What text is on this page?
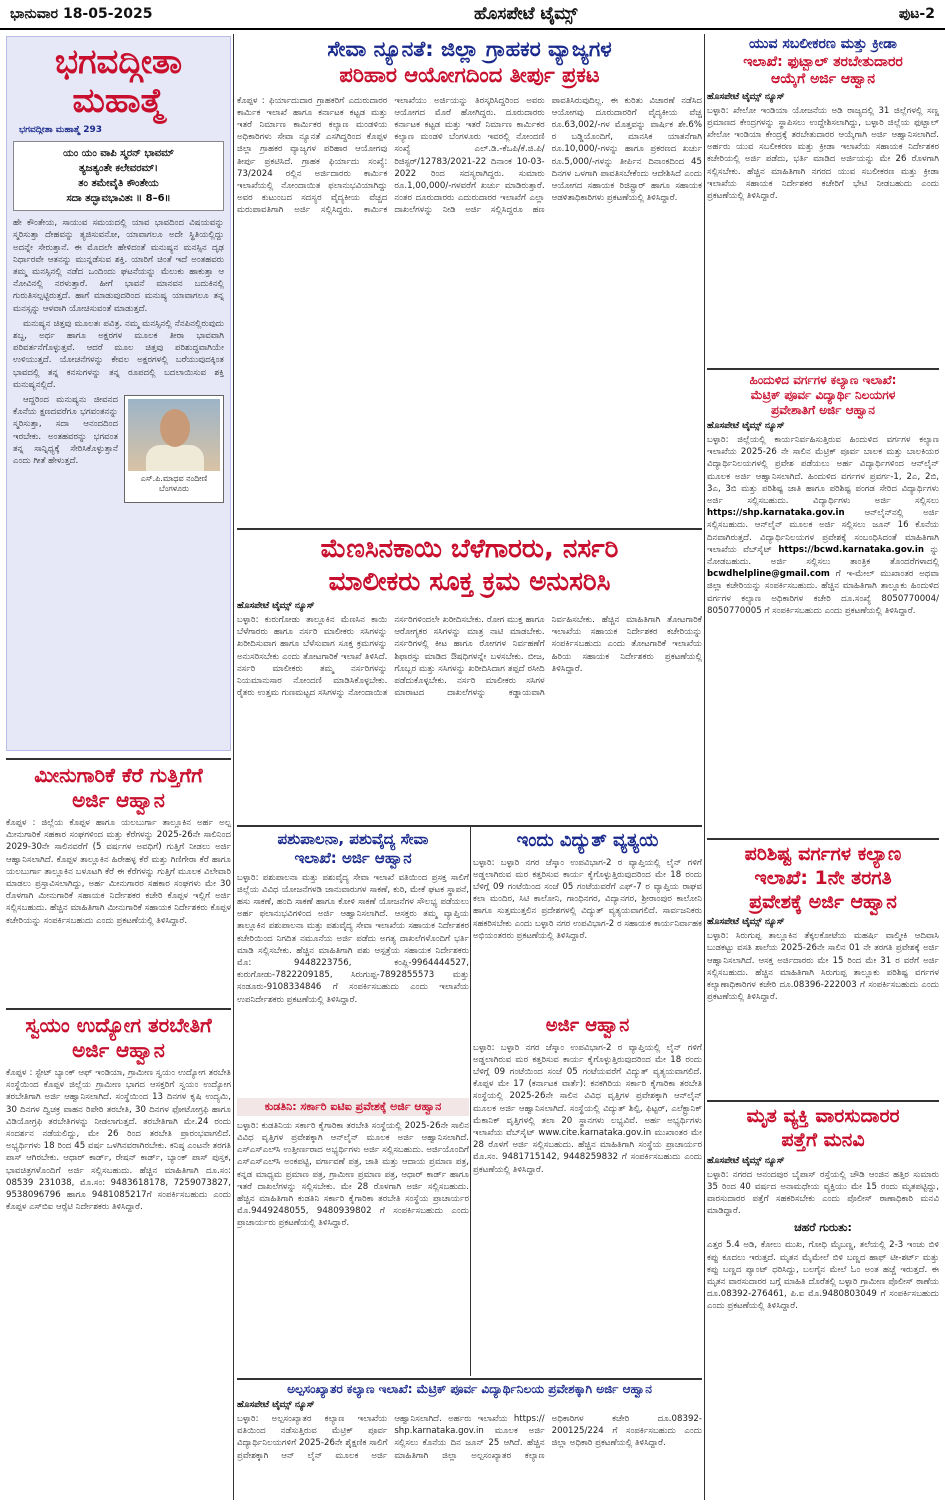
ಭಾನುವಾರ 18-05-2025	ಹೊಸಪೇಟೆ ಟೈಮ್ಸ್	ಪುಟ-2
ಭಗವದ್ಗೀತಾ
ಮಹಾತ್ಮೆ
ಭಗವದ್ಗೀತಾ ಮಹಾತ್ಮೆ 293
ಯಂ ಯಂ ವಾಪಿ ಸ್ಮರನ್ ಭಾವಮ್
ತ್ಯಜತ್ಯಂತೇ ಕಲೇವರಮ್।
ತಂ ತಮೇವೈತಿ ಕೌಂತೇಯ
ಸದಾ ತದ್ಭಾವಭಾವಿತಃ ॥ 8–6॥

ಹೇ ಕೌಂತೇಯ, ಸಾಯುವ ಸಮಯದಲ್ಲಿ ಯಾವ ಭಾವದಿಂದ ವಿಷಯವನ್ನು ಸ್ಮರಿಸುತ್ತಾ ದೇಹವನ್ನು ತ್ಯಜಿಸುವನೋ, ಯಾವಾಗಲೂ ಅದೇ ಸ್ಥಿತಿಯಲ್ಲಿದ್ದು ಅದನ್ನೇ ಸೇರುತ್ತಾನೆ. ಈ ಮೊದಲೇ ಹೇಳಿದಂತೆ ಮನುಷ್ಯನ ಮನಸ್ಸಿನ ದೃಢ ನಿರ್ಧಾರವೇ ಆತನನ್ನು ಮುನ್ನಡೆಸುವ ಶಕ್ತಿ. ಯಾರಿಗೆ ಚಿಂತೆ ಇದೆ ಅಂತಹವರು ತಮ್ಮ ಮನಸ್ಸಿನಲ್ಲಿ ನಡೆದ ಒಂದಿಂದು ಘಟನೆಯನ್ನು ಮೆಲುಕು ಹಾಕುತ್ತಾ ಆ ನೋವಿನಲ್ಲಿ ನರಳುತ್ತಾರೆ. ಹೀಗೆ ಭಾವನೆ ಮಾನವನ ಬದುಕಿನಲ್ಲಿ ಗುರುತಿಸಲ್ಪಟ್ಟಿರುತ್ತದೆ. ಹಾಗೆ ಮಾಡುವುದರಿಂದ ಮನುಷ್ಯ ಯಾವಾಗಲೂ ತನ್ನ ಮನಸ್ಸನ್ನು ಆಳವಾಗಿ ಯೋಚಿಸುವಂತೆ ಮಾಡುತ್ತದೆ.

ಮನುಷ್ಯನ ಚಿತ್ತವು ಮೂಲತಃ ಪವಿತ್ರ. ನಮ್ಮ ಮನಸ್ಸಿನಲ್ಲಿ ನೆನಪಿನಲ್ಲಿರುವುದು ಶಬ್ದ, ಅರ್ಥ ಹಾಗೂ ಅಕ್ಷರಗಳ ಮೂಲಕ ತೀರಾ ಭಾವವಾಗಿ ಪರಿವರ್ತನೆಗೊಳ್ಳುತ್ತವೆ. ಆದರೆ ಮೂಲ ಚಿತ್ತವು ಪರಿಶುದ್ಧವಾಗಿಯೇ ಉಳಿಯುತ್ತದೆ. ಯೋಚನೆಗಳನ್ನು ಕೇವಲ ಅಕ್ಷರಗಳಲ್ಲಿ ಬರೆಯುವುದಕ್ಕಿಂತ ಭಾವದಲ್ಲಿ ತನ್ನ ಕನಸುಗಳನ್ನು ತನ್ನ ರೂಪದಲ್ಲಿ ಬದಲಾಯಿಸುವ ಶಕ್ತಿ ಮನುಷ್ಯನಲ್ಲಿದೆ.

ಎಸ್.ಪಿ.ಮಾಧವ ನಂದೀಣಿ
ಬೆಂಗಳೂರು

ಆದ್ದರಿಂದ ಮನುಷ್ಯನು ಜೀವನದ ಕೊನೆಯ ಕ್ಷಣದವರೆಗೂ ಭಗವಂತನನ್ನು ಸ್ಮರಿಸುತ್ತಾ, ಸದಾ ಆನಂದದಿಂದ ಇರಬೇಕು. ಅಂತಹವರನ್ನು ಭಗವಂತ ತನ್ನ ಸಾನ್ನಿಧ್ಯಕ್ಕೆ ಸೇರಿಸಿಕೊಳ್ಳುತ್ತಾನೆ ಎಂದು ಗೀತೆ ಹೇಳುತ್ತದೆ.

ಮೀನುಗಾರಿಕೆ ಕೆರೆ ಗುತ್ತಿಗೆಗೆ
ಅರ್ಜಿ ಆಹ್ವಾನ

ಕೊಪ್ಪಳ : ಜಿಲ್ಲೆಯ ಕೊಪ್ಪಳ ಹಾಗೂ ಯಲಬುರ್ಗಾ ತಾಲ್ಲೂಕಿನ ಅರ್ಹ ಅಲ್ಪ ಮೀನುಗಾರಿಕೆ ಸಹಕಾರ ಸಂಘಗಳಿಂದ ಮತ್ತು ಕೆರೆಗಳನ್ನು 2025-26ನೇ ಸಾಲಿನಿಂದ 2029-30ನೇ ಸಾಲಿನವರೆಗೆ (5 ವರ್ಷಗಳ ಅವಧಿಗೆ) ಗುತ್ತಿಗೆ ನೀಡಲು ಅರ್ಜಿ ಆಹ್ವಾನಿಸಲಾಗಿದೆ. ಕೊಪ್ಪಳ ತಾಲ್ಲೂಕಿನ ಹಿರೇಹಳ್ಳ ಕೆರೆ ಮತ್ತು ಗಿಣಿಗೇರಾ ಕೆರೆ ಹಾಗೂ ಯಲಬುರ್ಗಾ ತಾಲ್ಲೂಕಿನ ಬಳೂಟಗಿ ಕೆರೆ ಈ ಕೆರೆಗಳನ್ನು ಗುತ್ತಿಗೆ ಮೂಲಕ ವಿಲೇವಾರಿ ಮಾಡಲು ಪ್ರಸ್ತಾವಿಸಲಾಗಿದ್ದು, ಅರ್ಹ ಮೀನುಗಾರರ ಸಹಕಾರ ಸಂಘಗಳು ಮೇ 30 ರೊಳಗಾಗಿ ಮೀನುಗಾರಿಕೆ ಸಹಾಯಕ ನಿರ್ದೇಶಕರ ಕಚೇರಿ ಕೊಪ್ಪಳ ಇಲ್ಲಿಗೆ ಅರ್ಜಿ ಸಲ್ಲಿಸಬಹುದು. ಹೆಚ್ಚಿನ ಮಾಹಿತಿಗಾಗಿ ಮೀನುಗಾರಿಕೆ ಸಹಾಯಕ ನಿರ್ದೇಶಕರು ಕೊಪ್ಪಳ ಕಚೇರಿಯನ್ನು ಸಂಪರ್ಕಿಸಬಹುದು ಎಂದು ಪ್ರಕಟಣೆಯಲ್ಲಿ ತಿಳಿಸಿದ್ದಾರೆ.

ಸ್ವಯಂ ಉದ್ಯೋಗ ತರಬೇತಿಗೆ
ಅರ್ಜಿ ಆಹ್ವಾನ

ಕೊಪ್ಪಳ : ಸ್ಟೇಟ್ ಬ್ಯಾಂಕ್ ಆಫ್ ಇಂಡಿಯಾ, ಗ್ರಾಮೀಣ ಸ್ವಯಂ ಉದ್ಯೋಗ ತರಬೇತಿ ಸಂಸ್ಥೆಯಿಂದ ಕೊಪ್ಪಳ ಜಿಲ್ಲೆಯ ಗ್ರಾಮೀಣ ಭಾಗದ ಆಸಕ್ತರಿಗೆ ಸ್ವಯಂ ಉದ್ಯೋಗ ತರಬೇತಿಗಾಗಿ ಅರ್ಜಿ ಆಹ್ವಾನಿಸಲಾಗಿದೆ. ಸಂಸ್ಥೆಯಿಂದ 13 ದಿನಗಳ ಕೃಷಿ ಉದ್ಯಮಿ, 30 ದಿನಗಳ ದ್ವಿಚಕ್ರ ವಾಹನ ರಿಪೇರಿ ತರಬೇತಿ, 30 ದಿನಗಳ ಫೋಟೋಗ್ರಫಿ ಹಾಗೂ ವಿಡಿಯೋಗ್ರಫಿ ತರಬೇತಿಗಳನ್ನು ನೀಡಲಾಗುತ್ತದೆ. ತರಬೇತಿಗಾಗಿ ಮೇ.24 ರಂದು ಸಂದರ್ಶನ ನಡೆಯಲಿದ್ದು, ಮೇ 26 ರಿಂದ ತರಬೇತಿ ಪ್ರಾರಂಭವಾಗಲಿದೆ. ಅಭ್ಯರ್ಥಿಗಳು 18 ರಿಂದ 45 ವರ್ಷ ಒಳಗಿನವರಾಗಿರಬೇಕು. ಕನಿಷ್ಠ ಎಂಟನೇ ತರಗತಿ ಪಾಸ್ ಆಗಿರಬೇಕು. ಆಧಾರ್ ಕಾರ್ಡ್, ರೇಷನ್ ಕಾರ್ಡ್, ಬ್ಯಾಂಕ್ ಪಾಸ್ ಪುಸ್ತಕ, ಭಾವಚಿತ್ರಗಳೊಂದಿಗೆ ಅರ್ಜಿ ಸಲ್ಲಿಸಬಹುದು. ಹೆಚ್ಚಿನ ಮಾಹಿತಿಗಾಗಿ ದೂ.ಸಂ: 08539 231038, ಮೊ.ಸಂ: 9483618178, 7259073827, 9538096796 ಹಾಗೂ 9481085217ಗೆ ಸಂಪರ್ಕಿಸಬಹುದು ಎಂದು ಕೊಪ್ಪಳ ಎಸ್‍ಬಿಐ ಆರ್‍ಸೆಟಿ ನಿರ್ದೇಶಕರು ತಿಳಿಸಿದ್ದಾರೆ.

ಸೇವಾ ನ್ಯೂನತೆ: ಜಿಲ್ಲಾ ಗ್ರಾಹಕರ ವ್ಯಾಜ್ಯಗಳ
ಪರಿಹಾರ ಆಯೋಗದಿಂದ ತೀರ್ಪು ಪ್ರಕಟ
ಕೊಪ್ಪಳ : ಫಿರ್ಯಾದುದಾರ ಗ್ರಾಹಕರಿಗೆ ಎದುರುದಾರರ ಕಾರ್ಮಿಕ ಇಲಾಖೆ ಹಾಗೂ ಕರ್ನಾಟಕ ಕಟ್ಟಡ ಮತ್ತು ಇತರೆ ನಿರ್ಮಾಣ ಕಾರ್ಮಿಕರ ಕಲ್ಯಾಣ ಮಂಡಳಿಯ ಅಧಿಕಾರಿಗಳು ಸೇವಾ ನ್ಯೂನತೆ ಎಸಗಿದ್ದರಿಂದ ಕೊಪ್ಪಳ ಜಿಲ್ಲಾ ಗ್ರಾಹಕರ ವ್ಯಾಜ್ಯಗಳ ಪರಿಹಾರ ಆಯೋಗವು ತೀರ್ಪು ಪ್ರಕಟಿಸಿದೆ. ಗ್ರಾಹಕ ಫಿರ್ಯಾದು ಸಂಖ್ಯೆ: 73/2024 ರಲ್ಲಿನ ಅರ್ಜಿದಾರರು ಕಾರ್ಮಿಕ ಇಲಾಖೆಯಲ್ಲಿ ನೋಂದಾಯಿತ ಫಲಾನುಭವಿಯಾಗಿದ್ದು ಅವರ ಕುಟುಂಬದ ಸದಸ್ಯರ ವೈದ್ಯಕೀಯ ವೆಚ್ಚದ ಮರುಪಾವತಿಗಾಗಿ ಅರ್ಜಿ ಸಲ್ಲಿಸಿದ್ದರು. ಕಾರ್ಮಿಕ ಇಲಾಖೆಯು ಅರ್ಜಿಯನ್ನು ತಿರಸ್ಕರಿಸಿದ್ದರಿಂದ ಅವರು ಆಯೋಗದ ಮೊರೆ ಹೋಗಿದ್ದರು. ದೂರುದಾರರು ಕರ್ನಾಟಕ ಕಟ್ಟಡ ಮತ್ತು ಇತರೆ ನಿರ್ಮಾಣ ಕಾರ್ಮಿಕರ ಕಲ್ಯಾಣ ಮಂಡಳಿ ಬೆಂಗಳೂರು ಇವರಲ್ಲಿ ನೋಂದಣಿ ಸಂಖ್ಯೆ ಎಲ್.ಡಿ.-ಕೆಒಪಿ/ಕೆ.ಜಿ.ಪಿ/ರಿಜಿಸ್ಟರ್/12783/2021-22 ದಿನಾಂಕ 10-03-2022 ರಿಂದ ಸದಸ್ಯರಾಗಿದ್ದರು. ಸುಮಾರು ರೂ.1,00,000/-ಗಳವರೆಗೆ ಖರ್ಚು ಮಾಡಿರುತ್ತಾರೆ. ನಂತರ ದೂರುದಾರರು ಎದುರುದಾರರ ಇಲಾಖೆಗೆ ಎಲ್ಲಾ ದಾಖಲೆಗಳನ್ನು ನೀಡಿ ಅರ್ಜಿ ಸಲ್ಲಿಸಿದ್ದರೂ ಹಣ ಪಾವತಿಸಿರುವುದಿಲ್ಲ. ಈ ಕುರಿತು ವಿಚಾರಣೆ ನಡೆಸಿದ ಆಯೋಗವು ದೂರುದಾರರಿಗೆ ವೈದ್ಯಕೀಯ ವೆಚ್ಚ ರೂ.63,002/-ಗಳ ಮೊತ್ತವನ್ನು ವಾರ್ಷಿಕ ಶೇ.6% ರ ಬಡ್ಡಿಯೊಂದಿಗೆ, ಮಾನಸಿಕ ಯಾತನೆಗಾಗಿ ರೂ.10,000/-ಗಳನ್ನು ಹಾಗೂ ಪ್ರಕರಣದ ಖರ್ಚು ರೂ.5,000/-ಗಳನ್ನು ತೀರ್ಪಿನ ದಿನಾಂಕದಿಂದ 45 ದಿನಗಳ ಒಳಗಾಗಿ ಪಾವತಿಸಬೇಕೆಂದು ಆದೇಶಿಸಿದೆ ಎಂದು ಆಯೋಗದ ಸಹಾಯಕ ರಿಜಿಸ್ಟ್ರಾರ್ ಹಾಗೂ ಸಹಾಯಕ ಆಡಳಿತಾಧಿಕಾರಿಗಳು ಪ್ರಕಟಣೆಯಲ್ಲಿ ತಿಳಿಸಿದ್ದಾರೆ.
ಮೆಣಸಿನಕಾಯಿ ಬೆಳೆಗಾರರು, ನರ್ಸರಿ
ಮಾಲೀಕರು ಸೂಕ್ತ ಕ್ರಮ ಅನುಸರಿಸಿ
ಹೊಸಪೇಟೆ ಟೈಮ್ಸ್ ನ್ಯೂಸ್
ಬಳ್ಳಾರಿ: ಕುರುಗೋಡು ತಾಲ್ಲೂಕಿನ ಮೆಣಸಿನ ಕಾಯಿ ಬೆಳೆಗಾರರು ಹಾಗೂ ನರ್ಸರಿ ಮಾಲೀಕರು ಸಸಿಗಳನ್ನು ಖರೀದಿಸುವಾಗ ಹಾಗೂ ಬೆಳೆಸುವಾಗ ಸೂಕ್ತ ಕ್ರಮಗಳನ್ನು ಅನುಸರಿಸಬೇಕು ಎಂದು ತೋಟಗಾರಿಕೆ ಇಲಾಖೆ ತಿಳಿಸಿದೆ. ನರ್ಸರಿ ಮಾಲೀಕರು ತಮ್ಮ ನರ್ಸರಿಗಳನ್ನು ನಿಯಮಾನುಸಾರ ನೋಂದಣಿ ಮಾಡಿಸಿಕೊಳ್ಳಬೇಕು. ರೈತರು ಉತ್ತಮ ಗುಣಮಟ್ಟದ ಸಸಿಗಳನ್ನು ನೋಂದಾಯಿತ ನರ್ಸರಿಗಳಿಂದಲೇ ಖರೀದಿಸಬೇಕು. ರೋಗ ಮುಕ್ತ ಹಾಗೂ ಆರೋಗ್ಯಕರ ಸಸಿಗಳನ್ನು ಮಾತ್ರ ನಾಟಿ ಮಾಡಬೇಕು. ನರ್ಸರಿಗಳಲ್ಲಿ ಕೀಟ ಹಾಗೂ ರೋಗಗಳ ನಿರ್ವಹಣೆಗೆ ಶಿಫಾರಸ್ಸು ಮಾಡಿದ ಔಷಧಿಗಳನ್ನೇ ಬಳಸಬೇಕು. ಬೀಜ, ಗೊಬ್ಬರ ಮತ್ತು ಸಸಿಗಳನ್ನು ಖರೀದಿಸಿದಾಗ ತಪ್ಪದೆ ರಸೀದಿ ಪಡೆದುಕೊಳ್ಳಬೇಕು. ನರ್ಸರಿ ಮಾಲೀಕರು ಸಸಿಗಳ ಮಾರಾಟದ ದಾಖಲೆಗಳನ್ನು ಕಡ್ಡಾಯವಾಗಿ ನಿರ್ವಹಿಸಬೇಕು. ಹೆಚ್ಚಿನ ಮಾಹಿತಿಗಾಗಿ ತೋಟಗಾರಿಕೆ ಇಲಾಖೆಯ ಸಹಾಯಕ ನಿರ್ದೇಶಕರ ಕಚೇರಿಯನ್ನು ಸಂಪರ್ಕಿಸಬಹುದು ಎಂದು ತೋಟಗಾರಿಕೆ ಇಲಾಖೆಯ ಹಿರಿಯ ಸಹಾಯಕ ನಿರ್ದೇಶಕರು ಪ್ರಕಟಣೆಯಲ್ಲಿ ತಿಳಿಸಿದ್ದಾರೆ.
ಪಶುಪಾಲನಾ, ಪಶುವೈದ್ಯ ಸೇವಾ
ಇಲಾಖೆ: ಅರ್ಜಿ ಆಹ್ವಾನ

ಬಳ್ಳಾರಿ: ಪಶುಪಾಲನಾ ಮತ್ತು ಪಶುವೈದ್ಯ ಸೇವಾ ಇಲಾಖೆ ವತಿಯಿಂದ ಪ್ರಸಕ್ತ ಸಾಲಿಗೆ ಜಿಲ್ಲೆಯ ವಿವಿಧ ಯೋಜನೆಗಳಡಿ ಜಾನುವಾರುಗಳ ಸಾಕಣೆ, ಕುರಿ, ಮೇಕೆ ಘಟಕ ಸ್ಥಾಪನೆ, ಹಸು ಸಾಕಣೆ, ಹಂದಿ ಸಾಕಣೆ ಹಾಗೂ ಕೋಳಿ ಸಾಕಣೆ ಯೋಜನೆಗಳ ಸೌಲಭ್ಯ ಪಡೆಯಲು ಅರ್ಹ ಫಲಾನುಭವಿಗಳಿಂದ ಅರ್ಜಿ ಆಹ್ವಾನಿಸಲಾಗಿದೆ. ಆಸಕ್ತರು ತಮ್ಮ ವ್ಯಾಪ್ತಿಯ ತಾಲ್ಲೂಕಿನ ಪಶುಪಾಲನಾ ಮತ್ತು ಪಶುವೈದ್ಯ ಸೇವಾ ಇಲಾಖೆಯ ಸಹಾಯಕ ನಿರ್ದೇಶಕರ ಕಚೇರಿಯಿಂದ ನಿಗದಿತ ನಮೂನೆಯ ಅರ್ಜಿ ಪಡೆದು ಅಗತ್ಯ ದಾಖಲೆಗಳೊಂದಿಗೆ ಭರ್ತಿ ಮಾಡಿ ಸಲ್ಲಿಸಬೇಕು. ಹೆಚ್ಚಿನ ಮಾಹಿತಿಗಾಗಿ ಪಶು ಆಸ್ಪತ್ರೆಯ ಸಹಾಯಕ ನಿರ್ದೇಶಕರು ಮೊ: 9448223756, ಕಂಪ್ಲಿ-9964444527, ಕುರುಗೋಡು-7822209185, ಸಿರುಗುಪ್ಪ-7892855573 ಮತ್ತು ಸಂಡೂರು-9108334846 ಗೆ ಸಂಪರ್ಕಿಸಬಹುದು ಎಂದು ಇಲಾಖೆಯ ಉಪನಿರ್ದೇಶಕರು ಪ್ರಕಟಣೆಯಲ್ಲಿ ತಿಳಿಸಿದ್ದಾರೆ.

ಕುಡತಿನಿ: ಸರ್ಕಾರಿ ಐಟಿಐ ಪ್ರವೇಶಕ್ಕೆ ಅರ್ಜಿ ಆಹ್ವಾನ

ಬಳ್ಳಾರಿ: ಕುಡತಿನಿಯ ಸರ್ಕಾರಿ ಕೈಗಾರಿಕಾ ತರಬೇತಿ ಸಂಸ್ಥೆಯಲ್ಲಿ 2025-26ನೇ ಸಾಲಿನ ವಿವಿಧ ವೃತ್ತಿಗಳ ಪ್ರವೇಶಕ್ಕಾಗಿ ಆನ್‍ಲೈನ್ ಮೂಲಕ ಅರ್ಜಿ ಆಹ್ವಾನಿಸಲಾಗಿದೆ. ಎಸ್‍ಎಸ್‍ಎಲ್‍ಸಿ ಉತ್ತೀರ್ಣರಾದ ಅಭ್ಯರ್ಥಿಗಳು ಅರ್ಜಿ ಸಲ್ಲಿಸಬಹುದು. ಅರ್ಜಿಯೊಂದಿಗೆ ಎಸ್‍ಎಸ್‍ಎಲ್‍ಸಿ ಅಂಕಪಟ್ಟಿ, ವರ್ಗಾವಣೆ ಪತ್ರ, ಜಾತಿ ಮತ್ತು ಆದಾಯ ಪ್ರಮಾಣ ಪತ್ರ, ಕನ್ನಡ ಮಾಧ್ಯಮ ಪ್ರಮಾಣ ಪತ್ರ, ಗ್ರಾಮೀಣ ಪ್ರಮಾಣ ಪತ್ರ, ಆಧಾರ್ ಕಾರ್ಡ್ ಹಾಗೂ ಇತರೆ ದಾಖಲೆಗಳನ್ನು ಸಲ್ಲಿಸಬೇಕು. ಮೇ 28 ರೊಳಗಾಗಿ ಅರ್ಜಿ ಸಲ್ಲಿಸಬಹುದು. ಹೆಚ್ಚಿನ ಮಾಹಿತಿಗಾಗಿ ಕುಡತಿನಿ ಸರ್ಕಾರಿ ಕೈಗಾರಿಕಾ ತರಬೇತಿ ಸಂಸ್ಥೆಯ ಪ್ರಾಚಾರ್ಯರ ಮೊ.9449248055, 9480939802 ಗೆ ಸಂಪರ್ಕಿಸಬಹುದು ಎಂದು ಪ್ರಾಚಾರ್ಯರು ಪ್ರಕಟಣೆಯಲ್ಲಿ ತಿಳಿಸಿದ್ದಾರೆ.

ಇಂದು ವಿದ್ಯುತ್ ವ್ಯತ್ಯಯ

ಬಳ್ಳಾರಿ: ಬಳ್ಳಾರಿ ನಗರ ಜೆಸ್ಕಾಂ ಉಪವಿಭಾಗ-2 ರ ವ್ಯಾಪ್ತಿಯಲ್ಲಿ ಲೈನ್ ಗಳಿಗೆ ಅಡ್ಡಲಾಗಿರುವ ಮರ ಕತ್ತರಿಸುವ ಕಾರ್ಯ ಕೈಗೊಳ್ಳುತ್ತಿರುವುದರಿಂದ ಮೇ 18 ರಂದು ಬೆಳಿಗ್ಗೆ 09 ಗಂಟೆಯಿಂದ ಸಂಜೆ 05 ಗಂಟೆಯವರೆಗೆ ಎಫ್-7 ರ ವ್ಯಾಪ್ತಿಯ ರಾಘವ ಕಲಾ ಮಂದಿರ, ಸಿಟಿ ಕಾಲೋನಿ, ಗಾಂಧಿನಗರ, ವಿದ್ಯಾನಗರ, ಶ್ರೀರಾಂಪುರ ಕಾಲೋನಿ ಹಾಗೂ ಸುತ್ತಮುತ್ತಲಿನ ಪ್ರದೇಶಗಳಲ್ಲಿ ವಿದ್ಯುತ್ ವ್ಯತ್ಯಯವಾಗಲಿದೆ. ಸಾರ್ವಜನಿಕರು ಸಹಕರಿಸಬೇಕು ಎಂದು ಬಳ್ಳಾರಿ ನಗರ ಉಪವಿಭಾಗ-2 ರ ಸಹಾಯಕ ಕಾರ್ಯನಿರ್ವಾಹಕ ಅಭಿಯಂತರರು ಪ್ರಕಟಣೆಯಲ್ಲಿ ತಿಳಿಸಿದ್ದಾರೆ.

ಅರ್ಜಿ ಆಹ್ವಾನ

ಬಳ್ಳಾರಿ: ಬಳ್ಳಾರಿ ನಗರ ಜೆಸ್ಕಾಂ ಉಪವಿಭಾಗ-2 ರ ವ್ಯಾಪ್ತಿಯಲ್ಲಿ ಲೈನ್ ಗಳಿಗೆ ಅಡ್ಡಲಾಗಿರುವ ಮರ ಕತ್ತರಿಸುವ ಕಾರ್ಯ ಕೈಗೊಳ್ಳುತ್ತಿರುವುದರಿಂದ ಮೇ 18 ರಂದು ಬೆಳಿಗ್ಗೆ 09 ಗಂಟೆಯಿಂದ ಸಂಜೆ 05 ಗಂಟೆಯವರೆಗೆ ವಿದ್ಯುತ್ ವ್ಯತ್ಯಯವಾಗಲಿದೆ. ಕೊಪ್ಪಳ ಮೇ 17 (ಕರ್ನಾಟಕ ವಾರ್ತೆ): ಕನಕಗಿರಿಯ ಸರ್ಕಾರಿ ಕೈಗಾರಿಕಾ ತರಬೇತಿ ಸಂಸ್ಥೆಯಲ್ಲಿ 2025-26ನೇ ಸಾಲಿನ ವಿವಿಧ ವೃತ್ತಿಗಳ ಪ್ರವೇಶಕ್ಕಾಗಿ ಆನ್‍ಲೈನ್ ಮೂಲಕ ಅರ್ಜಿ ಆಹ್ವಾನಿಸಲಾಗಿದೆ. ಸಂಸ್ಥೆಯಲ್ಲಿ ವಿದ್ಯುತ್ ಶಿಲ್ಪಿ, ಫಿಟ್ಟರ್, ಎಲೆಕ್ಟ್ರಾನಿಕ್ ಮೆಕಾನಿಕ್ ವೃತ್ತಿಗಳಲ್ಲಿ ತಲಾ 20 ಸ್ಥಾನಗಳು ಲಭ್ಯವಿವೆ. ಅರ್ಹ ಅಭ್ಯರ್ಥಿಗಳು ಇಲಾಖೆಯ ವೆಬ್‍ಸೈಟ್ www.cite.karnataka.gov.in ಮುಖಾಂತರ ಮೇ 28 ರೊಳಗೆ ಅರ್ಜಿ ಸಲ್ಲಿಸಬಹುದು. ಹೆಚ್ಚಿನ ಮಾಹಿತಿಗಾಗಿ ಸಂಸ್ಥೆಯ ಪ್ರಾಚಾರ್ಯರ ಮೊ.ಸಂ. 9481715142, 9448259832 ಗೆ ಸಂಪರ್ಕಿಸಬಹುದು ಎಂದು ಪ್ರಕಟಣೆಯಲ್ಲಿ ತಿಳಿಸಿದ್ದಾರೆ.

ಅಲ್ಪಸಂಖ್ಯಾತರ ಕಲ್ಯಾಣ ಇಲಾಖೆ: ಮೆಟ್ರಿಕ್ ಪೂರ್ವ ವಿದ್ಯಾರ್ಥಿನಿಲಯ ಪ್ರವೇಶಕ್ಕಾಗಿ ಅರ್ಜಿ ಆಹ್ವಾನ
ಹೊಸಪೇಟೆ ಟೈಮ್ಸ್ ನ್ಯೂಸ್
ಬಳ್ಳಾರಿ: ಅಲ್ಪಸಂಖ್ಯಾತರ ಕಲ್ಯಾಣ ಇಲಾಖೆಯ ವತಿಯಿಂದ ನಡೆಸುತ್ತಿರುವ ಮೆಟ್ರಿಕ್ ಪೂರ್ವ ವಿದ್ಯಾರ್ಥಿನಿಲಯಗಳಿಗೆ 2025-26ನೇ ಶೈಕ್ಷಣಿಕ ಸಾಲಿಗೆ ಪ್ರವೇಶಕ್ಕಾಗಿ ಆನ್ ಲೈನ್ ಮೂಲಕ ಅರ್ಜಿ ಆಹ್ವಾನಿಸಲಾಗಿದೆ. ಅರ್ಹರು ಇಲಾಖೆಯ https:// shp.karnataka.gov.in ಮೂಲಕ ಅರ್ಜಿ ಸಲ್ಲಿಸಲು ಕೊನೆಯ ದಿನ ಜೂನ್ 25 ಆಗಿದೆ. ಹೆಚ್ಚಿನ ಮಾಹಿತಿಗಾಗಿ ಜಿಲ್ಲಾ ಅಲ್ಪಸಂಖ್ಯಾತರ ಕಲ್ಯಾಣ ಅಧಿಕಾರಿಗಳ ಕಚೇರಿ ದೂ.08392-200125/224 ಗೆ ಸಂಪರ್ಕಿಸಬಹುದು ಎಂದು ಜಿಲ್ಲಾ ಅಧಿಕಾರಿ ಪ್ರಕಟಣೆಯಲ್ಲಿ ತಿಳಿಸಿದ್ದಾರೆ.
ಯುವ ಸಬಲೀಕರಣ ಮತ್ತು ಕ್ರೀಡಾ
ಇಲಾಖೆ: ಫುಟ್ಬಾಲ್ ತರಬೇತುದಾರರ
ಆಯ್ಕೆಗೆ ಅರ್ಜಿ ಆಹ್ವಾನ
ಹೊಸಪೇಟೆ ಟೈಮ್ಸ್ ನ್ಯೂಸ್

ಬಳ್ಳಾರಿ: ಖೇಲೋ ಇಂಡಿಯಾ ಯೋಜನೆಯ ಅಡಿ ರಾಜ್ಯದಲ್ಲಿ 31 ಜಿಲ್ಲೆಗಳಲ್ಲಿ ಸಣ್ಣ ಪ್ರಮಾಣದ ಕೇಂದ್ರಗಳನ್ನು ಸ್ಥಾಪಿಸಲು ಉದ್ದೇಶಿಸಲಾಗಿದ್ದು, ಬಳ್ಳಾರಿ ಜಿಲ್ಲೆಯ ಫುಟ್ಬಾಲ್ ಖೇಲೋ ಇಂಡಿಯಾ ಕೇಂದ್ರಕ್ಕೆ ತರಬೇತುದಾರರ ಆಯ್ಕೆಗಾಗಿ ಅರ್ಜಿ ಆಹ್ವಾನಿಸಲಾಗಿದೆ. ಅರ್ಹರು ಯುವ ಸಬಲೀಕರಣ ಮತ್ತು ಕ್ರೀಡಾ ಇಲಾಖೆಯ ಸಹಾಯಕ ನಿರ್ದೇಶಕರ ಕಚೇರಿಯಲ್ಲಿ ಅರ್ಜಿ ಪಡೆದು, ಭರ್ತಿ ಮಾಡಿದ ಅರ್ಜಿಯನ್ನು ಮೇ 26 ರೊಳಗಾಗಿ ಸಲ್ಲಿಸಬೇಕು. ಹೆಚ್ಚಿನ ಮಾಹಿತಿಗಾಗಿ ನಗರದ ಯುವ ಸಬಲೀಕರಣ ಮತ್ತು ಕ್ರೀಡಾ ಇಲಾಖೆಯ ಸಹಾಯಕ ನಿರ್ದೇಶಕರ ಕಚೇರಿಗೆ ಭೇಟಿ ನೀಡಬಹುದು ಎಂದು ಪ್ರಕಟಣೆಯಲ್ಲಿ ತಿಳಿಸಿದ್ದಾರೆ.

ಹಿಂದುಳಿದ ವರ್ಗಗಳ ಕಲ್ಯಾಣ ಇಲಾಖೆ:
ಮೆಟ್ರಿಕ್ ಪೂರ್ವ ವಿದ್ಯಾರ್ಥಿ ನಿಲಯಗಳ
ಪ್ರವೇಶಾತಿಗೆ ಅರ್ಜಿ ಆಹ್ವಾನ
ಹೊಸಪೇಟೆ ಟೈಮ್ಸ್ ನ್ಯೂಸ್

ಬಳ್ಳಾರಿ: ಜಿಲ್ಲೆಯಲ್ಲಿ ಕಾರ್ಯನಿರ್ವಹಿಸುತ್ತಿರುವ ಹಿಂದುಳಿದ ವರ್ಗಗಳ ಕಲ್ಯಾಣ ಇಲಾಖೆಯ 2025-26 ನೇ ಸಾಲಿನ ಮೆಟ್ರಿಕ್ ಪೂರ್ವ ಬಾಲಕ ಮತ್ತು ಬಾಲಕಿಯರ ವಿದ್ಯಾರ್ಥಿನಿಲಯಗಳಲ್ಲಿ ಪ್ರವೇಶ ಪಡೆಯಲು ಅರ್ಹ ವಿದ್ಯಾರ್ಥಿಗಳಿಂದ ಆನ್‍ಲೈನ್ ಮೂಲಕ ಅರ್ಜಿ ಆಹ್ವಾನಿಸಲಾಗಿದೆ. ಹಿಂದುಳಿದ ವರ್ಗಗಳ ಪ್ರವರ್ಗ-1, 2ಎ, 2ಬಿ, 3ಎ, 3ಬಿ ಮತ್ತು ಪರಿಶಿಷ್ಟ ಜಾತಿ ಹಾಗೂ ಪರಿಶಿಷ್ಟ ಪಂಗಡ ಸೇರಿದ ವಿದ್ಯಾರ್ಥಿಗಳು ಅರ್ಜಿ ಸಲ್ಲಿಸಬಹುದು.	ವಿದ್ಯಾರ್ಥಿಗಳು ಅರ್ಜಿ ಸಲ್ಲಿಸಲು https://shp.karnataka.gov.in ಆನ್‍ಲೈನ್‍ನಲ್ಲಿ ಅರ್ಜಿ ಸಲ್ಲಿಸಬಹುದು. ಆನ್‍ಲೈನ್ ಮೂಲಕ ಅರ್ಜಿ ಸಲ್ಲಿಸಲು ಜೂನ್ 16 ಕೊನೆಯ ದಿನವಾಗಿರುತ್ತದೆ. ವಿದ್ಯಾರ್ಥಿನಿಲಯಗಳ ಪ್ರವೇಶಕ್ಕೆ ಸಂಬಂಧಿಸಿದಂತೆ ಮಾಹಿತಿಗಾಗಿ ಇಲಾಖೆಯ ವೆಬ್‍ಸೈಟ್ https://bcwd.karnataka.gov.in ನ್ನು ನೋಡಬಹುದು. ಅರ್ಜಿ ಸಲ್ಲಿಸಲು ತಾಂತ್ರಿಕ ತೊಂದರೆಗಳಾದಲ್ಲಿ bcwdhelpline@gmail.com ಗೆ ಇ-ಮೇಲ್ ಮುಖಾಂತರ ಅಥವಾ ಜಿಲ್ಲಾ ಕಚೇರಿಯನ್ನು ಸಂಪರ್ಕಿಸಬಹುದು. ಹೆಚ್ಚಿನ ಮಾಹಿತಿಗಾಗಿ ತಾಲ್ಲೂಕು ಹಿಂದುಳಿದ ವರ್ಗಗಳ ಕಲ್ಯಾಣ ಅಧಿಕಾರಿಗಳ ಕಚೇರಿ ದೂ.ಸಂಖ್ಯೆ 8050770004/ 8050770005 ಗೆ ಸಂಪರ್ಕಿಸಬಹುದು ಎಂದು ಪ್ರಕಟಣೆಯಲ್ಲಿ ತಿಳಿಸಿದ್ದಾರೆ.

ಪರಿಶಿಷ್ಟ ವರ್ಗಗಳ ಕಲ್ಯಾಣ
ಇಲಾಖೆ: 1ನೇ ತರಗತಿ
ಪ್ರವೇಶಕ್ಕೆ ಅರ್ಜಿ ಆಹ್ವಾನ
ಹೊಸಪೇಟೆ ಟೈಮ್ಸ್ ನ್ಯೂಸ್

ಬಳ್ಳಾರಿ: ಸಿರುಗುಪ್ಪ ತಾಲ್ಲೂಕಿನ ತೆಕ್ಕಲಕೋಟೆಯ ಮಹರ್ಷಿ ವಾಲ್ಮೀಕಿ ಆದಿವಾಸಿ ಬುಡಕಟ್ಟು ವಸತಿ ಶಾಲೆಯ 2025-26ನೇ ಸಾಲಿನ 01 ನೇ ತರಗತಿ ಪ್ರವೇಶಕ್ಕೆ ಅರ್ಜಿ ಆಹ್ವಾನಿಸಲಾಗಿದೆ. ಆಸಕ್ತ ಅರ್ಜಿದಾರರು ಮೇ 15 ರಿಂದ ಮೇ 31 ರ ವರೆಗೆ ಅರ್ಜಿ ಸಲ್ಲಿಸಬಹುದು. ಹೆಚ್ಚಿನ ಮಾಹಿತಿಗಾಗಿ ಸಿರುಗುಪ್ಪ ತಾಲ್ಲೂಕು ಪರಿಶಿಷ್ಟ ವರ್ಗಗಳ ಕಲ್ಯಾಣಾಧಿಕಾರಿಗಳ ಕಚೇರಿ ದೂ.08396-222003 ಗೆ ಸಂಪರ್ಕಿಸಬಹುದು ಎಂದು ಪ್ರಕಟಣೆಯಲ್ಲಿ ತಿಳಿಸಿದ್ದಾರೆ.

ಮೃತ ವ್ಯಕ್ತಿ ವಾರಸುದಾರರ
ಪತ್ತೆಗೆ ಮನವಿ
ಹೊಸಪೇಟೆ ಟೈಮ್ಸ್ ನ್ಯೂಸ್

ಬಳ್ಳಾರಿ: ನಗರದ ಆನಂದಪುರ ಬೈಪಾಸ್ ರಸ್ತೆಯಲ್ಲಿ ಚೌಡಿ ಆಂಜಿನ ಹತ್ತಿರ ಸುಮಾರು 35 ರಿಂದ 40 ವರ್ಷದ ಅನಾಮಧೇಯ ವ್ಯಕ್ತಿಯು ಮೇ 15 ರಂದು ಮೃತಪಟ್ಟಿದ್ದು, ವಾರಸುದಾರರ ಪತ್ತೆಗೆ ಸಹಕರಿಸಬೇಕು ಎಂದು ಪೊಲೀಸ್ ಠಾಣಾಧಿಕಾರಿ ಮನವಿ ಮಾಡಿದ್ದಾರೆ.

ಚಹರೆ ಗುರುತು:

ಎತ್ತರ 5.4 ಅಡಿ, ಕೋಲು ಮುಖ, ಗೋಧಿ ಮೈಬಣ್ಣ, ತಲೆಯಲ್ಲಿ 2-3 ಇಂಚು ಬಿಳಿ ಕಪ್ಪು ಕೂದಲು ಇರುತ್ತದೆ. ಮೃತನ ಮೈಮೇಲೆ ಬಿಳಿ ಬಣ್ಣದ ಹಾಫ್ ಟೀ-ಶರ್ಟ್ ಮತ್ತು ಕಪ್ಪು ಬಣ್ಣದ ಪ್ಯಾಂಟ್ ಧರಿಸಿದ್ದು, ಬಲಗೈನ ಮೇಲೆ ಓಂ ಅಂತ ಹಚ್ಚೆ ಇರುತ್ತದೆ. ಈ ಮೃತನ ವಾರಸುದಾರರ ಬಗ್ಗೆ ಮಾಹಿತಿ ದೊರೆತಲ್ಲಿ ಬಳ್ಳಾರಿ ಗ್ರಾಮೀಣ ಪೊಲೀಸ್ ಠಾಣೆಯ ದೂ.08392-276461, ಪಿ.ಐ ಮೊ.9480803049 ಗೆ ಸಂಪರ್ಕಿಸಬಹುದು ಎಂದು ಪ್ರಕಟಣೆಯಲ್ಲಿ ತಿಳಿಸಿದ್ದಾರೆ.
